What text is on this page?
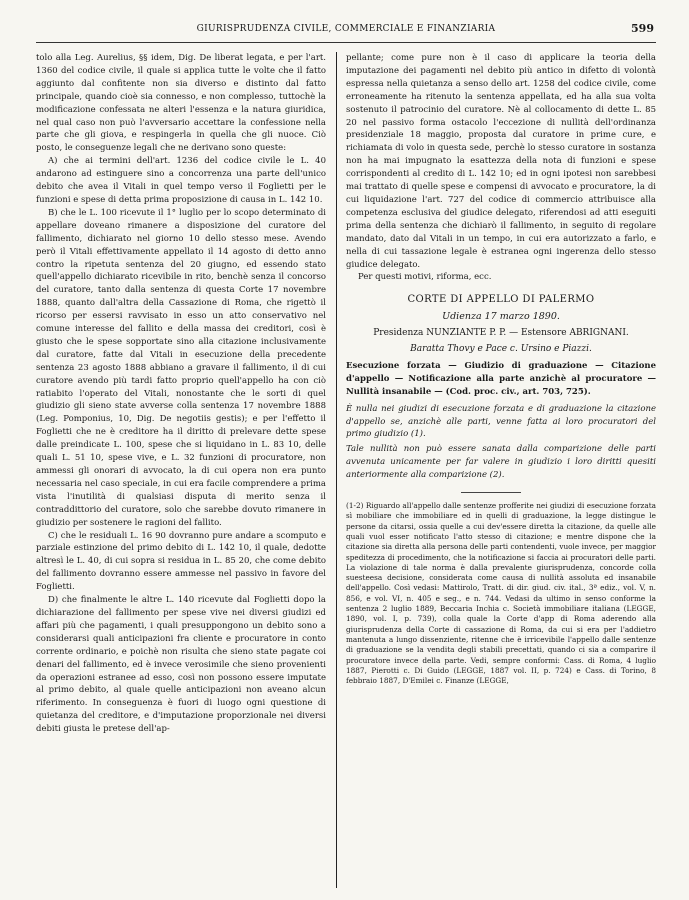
GIURISPRUDENZA CIVILE, COMMERCIALE E FINANZIARIA	599

tolo alla Leg. Aurelius, §§ idem, Dig. De liberat legata, e per l'art. 1360 del codice civile, il quale si applica tutte le volte che il fatto aggiunto dal confitente non sia diverso e distinto dal fatto principale, quando cioè sia connesso, e non complesso, tuttochè la modificazione confessata ne alteri l'essenza e la natura giuridica, nel qual caso non può l'avversario accettare la confessione nella parte che gli giova, e respingerla in quella che gli nuoce. Ciò posto, le conseguenze legali che ne derivano sono queste:

A) che ai termini dell'art. 1236 del codice civile le L. 40 andarono ad estinguere sino a concorrenza una parte dell'unico debito che avea il Vitali in quel tempo verso il Foglietti per le funzioni e spese di detta prima proposizione di causa in L. 142 10.

B) che le L. 100 ricevute il 1° luglio per lo scopo determinato di appellare doveano rimanere a disposizione del curatore del fallimento, dichiarato nel giorno 10 dello stesso mese. Avendo però il Vitali effettivamente appellato il 14 agosto di detto anno contro la ripetuta sentenza del 20 giugno, ed essendo stato quell'appello dichiarato ricevibile in rito, benchè senza il concorso del curatore, tanto dalla sentenza di questa Corte 17 novembre 1888, quanto dall'altra della Cassazione di Roma, che rigettò il ricorso per essersi ravvisato in esso un atto conservativo nel comune interesse del fallito e della massa dei creditori, così è giusto che le spese sopportate sino alla citazione inclusivamente dal curatore, fatte dal Vitali in esecuzione della precedente sentenza 23 agosto 1888 abbiano a gravare il fallimento, il di cui curatore avendo più tardi fatto proprio quell'appello ha con ciò ratiabito l'operato del Vitali, nonostante che le sorti di quel giudizio gli sieno state avverse colla sentenza 17 novembre 1888 (Leg. Pomponius, 10, Dig. De negotiis gestis); e per l'effetto il Foglietti che ne è creditore ha il diritto di prelevare dette spese dalle preindicate L. 100, spese che si liquidano in L. 83 10, delle quali L. 51 10, spese vive, e L. 32 funzioni di procuratore, non ammessi gli onorari di avvocato, la di cui opera non era punto necessaria nel caso speciale, in cui era facile comprendere a prima vista l'inutilità di qualsiasi disputa di merito senza il contraddittorio del curatore, solo che sarebbe dovuto rimanere in giudizio per sostenere le ragioni del fallito.

C) che le residuali L. 16 90 dovranno pure andare a scomputo e parziale estinzione del primo debito di L. 142 10, il quale, dedotte altresì le L. 40, di cui sopra si residua in L. 85 20, che come debito del fallimento dovranno essere ammesse nel passivo in favore del Foglietti.

D) che finalmente le altre L. 140 ricevute dal Foglietti dopo la dichiarazione del fallimento per spese vive nei diversi giudizi ed affari più che pagamenti, i quali presuppongono un debito sono a considerarsi quali anticipazioni fra cliente e procuratore in conto corrente ordinario, e poichè non risulta che sieno state pagate coi denari del fallimento, ed è invece verosimile che sieno provenienti da operazioni estranee ad esso, così non possono essere imputate al primo debito, al quale quelle anticipazioni non aveano alcun riferimento. In conseguenza è fuori di luogo ogni questione di quietanza del creditore, e d'imputazione proporzionale nei diversi debiti giusta le pretese dell'ap-

pellante; come pure non è il caso di applicare la teoria della imputazione dei pagamenti nel debito più antico in difetto di volontà espressa nella quietanza a senso dello art. 1258 del codice civile, come erroneamente ha ritenuto la sentenza appellata, ed ha alla sua volta sostenuto il patrocinio del curatore. Nè al collocamento di dette L. 85 20 nel passivo forma ostacolo l'eccezione di nullità dell'ordinanza presidenziale 18 maggio, proposta dal curatore in prime cure, e richiamata di volo in questa sede, perchè lo stesso curatore in sostanza non ha mai impugnato la esattezza della nota di funzioni e spese corrispondenti al credito di L. 142 10; ed in ogni ipotesi non sarebbesi mai trattato di quelle spese e compensi di avvocato e procuratore, la di cui liquidazione l'art. 727 del codice di commercio attribuisce alla competenza esclusiva del giudice delegato, riferendosi ad atti eseguiti prima della sentenza che dichiarò il fallimento, in seguito di regolare mandato, dato dal Vitali in un tempo, in cui era autorizzato a farlo, e nella di cui tassazione legale è estranea ogni ingerenza dello stesso giudice delegato.

Per questi motivi, riforma, ecc.

CORTE DI APPELLO DI PALERMO

Udienza 17 marzo 1890.

Presidenza NUNZIANTE P. P. — Estensore ABRIGNANI.

Baratta Thovy e Pace c. Ursino e Piazzi.

Esecuzione forzata — Giudizio di graduazione — Citazione d'appello — Notificazione alla parte anzichè al procuratore — Nullità insanabile — (Cod. proc. civ., art. 703, 725).

È nulla nei giudizi di esecuzione forzata e di graduazione la citazione d'appello se, anzichè alle parti, venne fatta ai loro procuratori del primo giudizio (1).

Tale nullità non può essere sanata dalla comparizione delle parti avvenuta unicamente per far valere in giudizio i loro diritti quesiti anteriormente alla comparizione (2).

(1-2) Riguardo all'appello dalle sentenze profferite nei giudizi di esecuzione forzata sì mobiliare che immobiliare ed in quelli di graduazione, la legge distingue le persone da citarsi, ossia quelle a cui dev'essere diretta la citazione, da quelle alle quali vuol esser notificato l'atto stesso di citazione; e mentre dispone che la citazione sia diretta alla persona delle parti contendenti, vuole invece, per maggior speditezza di procedimento, che la notificazione si faccia ai procuratori delle parti. La violazione di tale norma è dalla prevalente giurisprudenza, concorde colla suesteesa decisione, considerata come causa di nullità assoluta ed insanabile dell'appello. Così vedasi: Mattirolo, Tratt. di dir. giud. civ. ital., 3ª ediz., vol. V, n. 856, e vol. VI, n. 405 e seg., e n. 744. Vedasi da ultimo in senso conforme la sentenza 2 luglio 1889, Beccaria Inchia c. Società immobiliare italiana (LEGGE, 1890, vol. I, p. 739), colla quale la Corte d'app di Roma aderendo alla giurisprudenza della Corte di cassazione di Roma, da cui si era per l'addietro mantenuta a lungo dissenziente, ritenne che è irricevibile l'appello dalle sentenze di graduazione se la vendita degli stabili precettati, quando ci sia a comparire il procuratore invece della parte. Vedi, sempre conformi: Cass. di Roma, 4 luglio 1887, Pierotti c. Di Guido (LEGGE, 1887 vol. II, p. 724) e Cass. di Torino, 8 febbraio 1887, D'Emilei c. Finanze (LEGGE,
